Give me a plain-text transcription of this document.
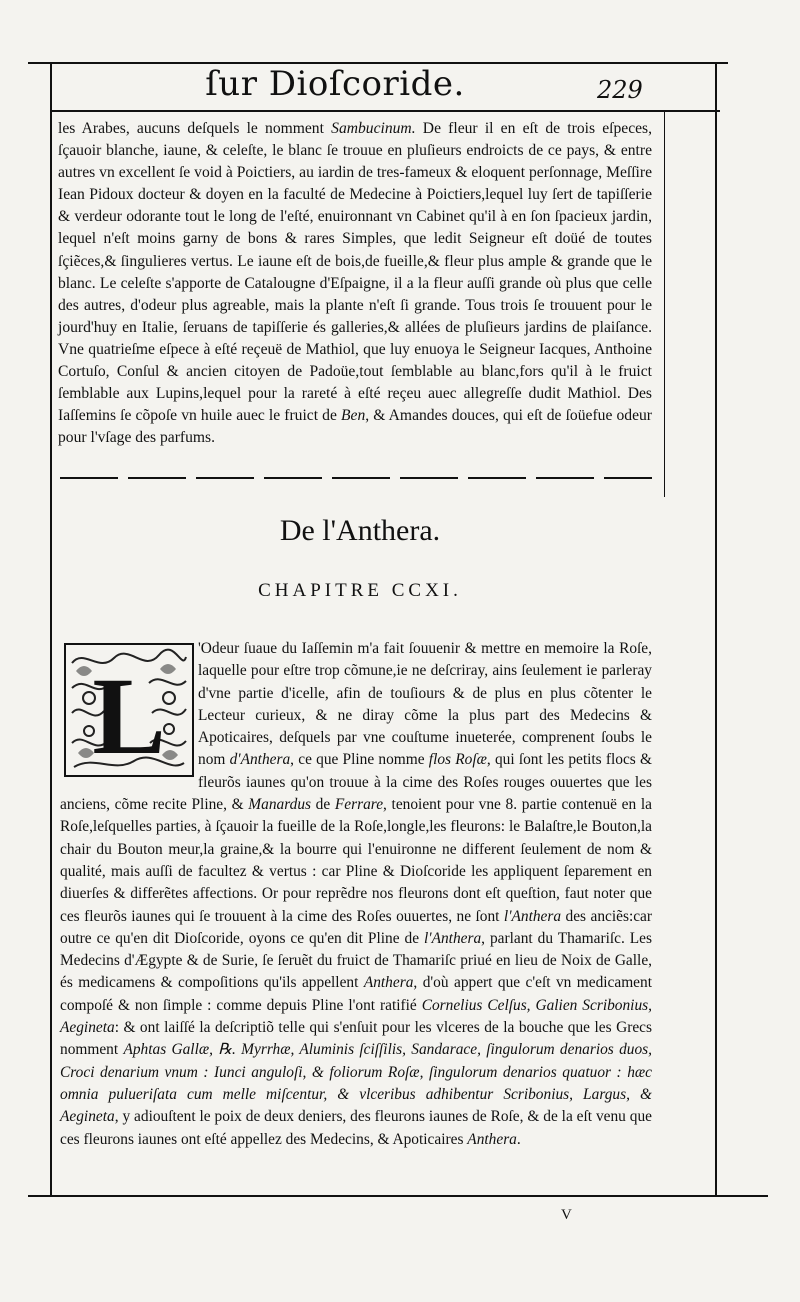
ſur Dioſcoride.	229

les Arabes, aucuns deſquels le nomment Sambucinum. De fleur il en eſt de trois eſpeces, ſçauoir blanche, iaune, & celeſte, le blanc ſe trouue en pluſieurs endroicts de ce pays, & entre autres vn excellent ſe void à Poictiers, au iardin de tres-fameux & eloquent perſonnage, Meſſire Iean Pidoux docteur & doyen en la faculté de Medecine à Poictiers,lequel luy ſert de tapiſſerie & verdeur odorante tout le long de l'eſté, enuironnant vn Cabinet qu'il à en ſon ſpacieux jardin, lequel n'eſt moins garny de bons & rares Simples, que ledit Seigneur eſt doüé de toutes ſçiẽces,& ſingulieres vertus. Le iaune eſt de bois,de fueille,& fleur plus ample & grande que le blanc. Le celeſte s'apporte de Catalougne d'Eſpaigne, il a la fleur auſſi grande où plus que celle des autres, d'odeur plus agreable, mais la plante n'eſt ſi grande. Tous trois ſe trouuent pour le jourd'huy en Italie, ſeruans de tapiſſerie és galleries,& allées de pluſieurs jardins de plaiſance. Vne quatrieſme eſpece à eſté reçeuë de Mathiol, que luy enuoya le Seigneur Iacques, Anthoine Cortuſo, Conſul & ancien citoyen de Padoüe,tout ſemblable au blanc,fors qu'il à le fruict ſemblable aux Lupins,lequel pour la rareté à eſté reçeu auec allegreſſe dudit Mathiol. Des Iaſſemins ſe cõpoſe vn huile auec le fruict de Ben, & Amandes douces, qui eſt de ſoüefue odeur pour l'vſage des parfums.

De l'Anthera.
CHAPITRE CCXI.
'Odeur ſuaue du Iaſſemin m'a fait ſouuenir & mettre en memoire la Roſe, laquelle pour eſtre trop cõmune,ie ne deſcriray, ains ſeulement ie parleray d'vne partie d'icelle, afin de touſiours & de plus en plus cõtenter le Lecteur curieux, & ne diray cõme la plus part des Medecins & Apoticaires, deſquels par vne couſtume inueterée, comprenent ſoubs le nom d'Anthera, ce que Pline nomme flos Roſæ, qui ſont les petits flocs & fleurõs iaunes qu'on trouue à la cime des Roſes rouges ouuertes que les anciens, cõme recite Pline, & Manardus de Ferrare, tenoient pour vne 8. partie contenuë en la Roſe,leſquelles parties, à ſçauoir la fueille de la Roſe,longle,les fleurons: le Balaſtre,le Bouton,la chair du Bouton meur,la graine,& la bourre qui l'enuironne ne different ſeulement de nom & qualité, mais auſſi de facultez & vertus : car Pline & Dioſcoride les appliquent ſeparement en diuerſes & differẽtes affections. Or pour reprẽdre nos fleurons dont eſt queſtion, faut noter que ces fleurõs iaunes qui ſe trouuent à la cime des Roſes ouuertes, ne ſont l'Anthera des anciẽs:car outre ce qu'en dit Dioſcoride, oyons ce qu'en dit Pline de l'Anthera, parlant du Thamariſc. Les Medecins d'Ægypte & de Surie, ſe ſeruẽt du fruict de Thamariſc priué en lieu de Noix de Galle, és medicamens & compoſitions qu'ils appellent Anthera, d'où appert que c'eſt vn medicament compoſé & non ſimple : comme depuis Pline l'ont ratifié Cornelius Celſus, Galien Scribonius, Aegineta: & ont laiſſé la deſcriptiõ telle qui s'enſuit pour les vlceres de la bouche que les Grecs nomment Aphtas Gallæ, ℞. Myrrhæ, Aluminis ſciſſilis, Sandarace, ſingulorum denarios duos, Croci denarium vnum : Iunci anguloſi, & foliorum Roſæ, ſingulorum denarios quatuor : hæc omnia pulueriſata cum melle miſcentur, & vlceribus adhibentur Scribonius, Largus, & Aegineta, y adiouſtent le poix de deux deniers, des fleurons iaunes de Roſe, & de la eſt venu que ces fleurons iaunes ont eſté appellez des Medecins, & Apoticaires Anthera.
L
V
